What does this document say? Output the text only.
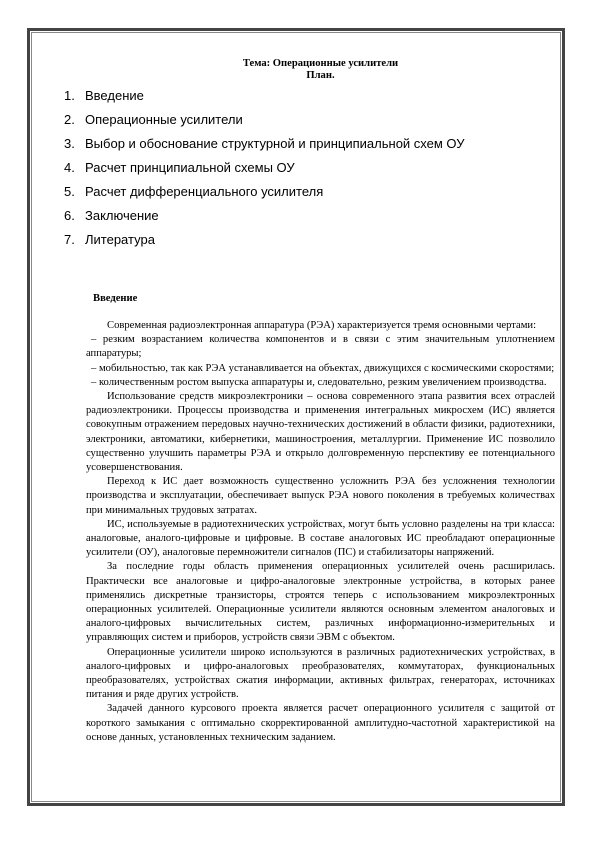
Тема: Операционные усилители

План.

1. Введение
2. Операционные усилители
3. Выбор и обоснование структурной и принципиальной схем ОУ
4. Расчет принципиальной схемы ОУ
5. Расчет дифференциального усилителя
6. Заключение
7. Литература
Введение

Современная радиоэлектронная аппаратура (РЭА) характеризуется тремя основными чертами:

– резким возрастанием количества компонентов и в связи с этим значительным уплотнением аппаратуры;

– мобильностью, так как РЭА устанавливается на объектах, движущихся с космическими скоростями;

– количественным ростом выпуска аппаратуры и, следовательно, резким увеличением производства.

Использование средств микроэлектроники – основа современного этапа развития всех отраслей радиоэлектроники. Процессы производства и применения интегральных микросхем (ИС) является совокупным отражением передовых научно-технических достижений в области физики, радиотехники, электроники, автоматики, кибернетики, машиностроения, металлургии. Применение ИС позволило существенно улучшить параметры РЭА и открыло долговременную перспективу ее потенциального усовершенствования.

Переход к ИС дает возможность существенно усложнить РЭА без усложнения технологии производства и эксплуатации, обеспечивает выпуск РЭА нового поколения в требуемых количествах при минимальных трудовых затратах.

ИС, используемые в радиотехнических устройствах, могут быть условно разделены на три класса: аналоговые, аналого-цифровые и цифровые. В составе аналоговых ИС преобладают операционные усилители (ОУ), аналоговые перемножители сигналов (ПС) и стабилизаторы напряжений.

За последние годы область применения операционных усилителей очень расширилась. Практически все аналоговые и цифро-аналоговые электронные устройства, в которых ранее применялись дискретные транзисторы, строятся теперь с использованием микроэлектронных операционных усилителей. Операционные усилители являются основным элементом аналоговых и аналого-цифровых вычислительных систем, различных информационно-измерительных и управляющих систем и приборов, устройств связи ЭВМ с объектом.

Операционные усилители широко используются в различных радиотехнических устройствах, в аналого-цифровых и цифро-аналоговых преобразователях, коммутаторах, функциональных преобразователях, устройствах сжатия информации, активных фильтрах, генераторах, источниках питания и ряде других устройств.

Задачей данного курсового проекта является расчет операционного усилителя с защитой от короткого замыкания с оптимально скорректированной амплитудно-частотной характеристикой на основе данных, установленных техническим заданием.
